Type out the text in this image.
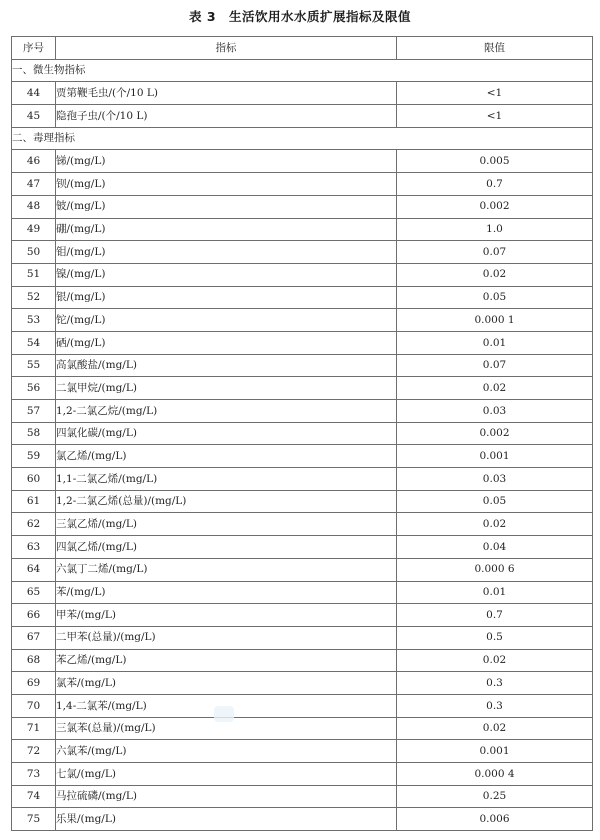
表 3　生活饮用水水质扩展指标及限值
序号	指标	限值
一、微生物指标		
44	贾第鞭毛虫/(个/10 L)	<1
45	隐孢子虫/(个/10 L)	<1
二、毒理指标		
46	锑/(mg/L)	0.005
47	钡/(mg/L)	0.7
48	铍/(mg/L)	0.002
49	硼/(mg/L)	1.0
50	钼/(mg/L)	0.07
51	镍/(mg/L)	0.02
52	银/(mg/L)	0.05
53	铊/(mg/L)	0.000 1
54	硒/(mg/L)	0.01
55	高氯酸盐/(mg/L)	0.07
56	二氯甲烷/(mg/L)	0.02
57	1,2-二氯乙烷/(mg/L)	0.03
58	四氯化碳/(mg/L)	0.002
59	氯乙烯/(mg/L)	0.001
60	1,1-二氯乙烯/(mg/L)	0.03
61	1,2-二氯乙烯(总量)/(mg/L)	0.05
62	三氯乙烯/(mg/L)	0.02
63	四氯乙烯/(mg/L)	0.04
64	六氯丁二烯/(mg/L)	0.000 6
65	苯/(mg/L)	0.01
66	甲苯/(mg/L)	0.7
67	二甲苯(总量)/(mg/L)	0.5
68	苯乙烯/(mg/L)	0.02
69	氯苯/(mg/L)	0.3
70	1,4-二氯苯/(mg/L)	0.3
71	三氯苯(总量)/(mg/L)	0.02
72	六氯苯/(mg/L)	0.001
73	七氯/(mg/L)	0.000 4
74	马拉硫磷/(mg/L)	0.25
75	乐果/(mg/L)	0.006
